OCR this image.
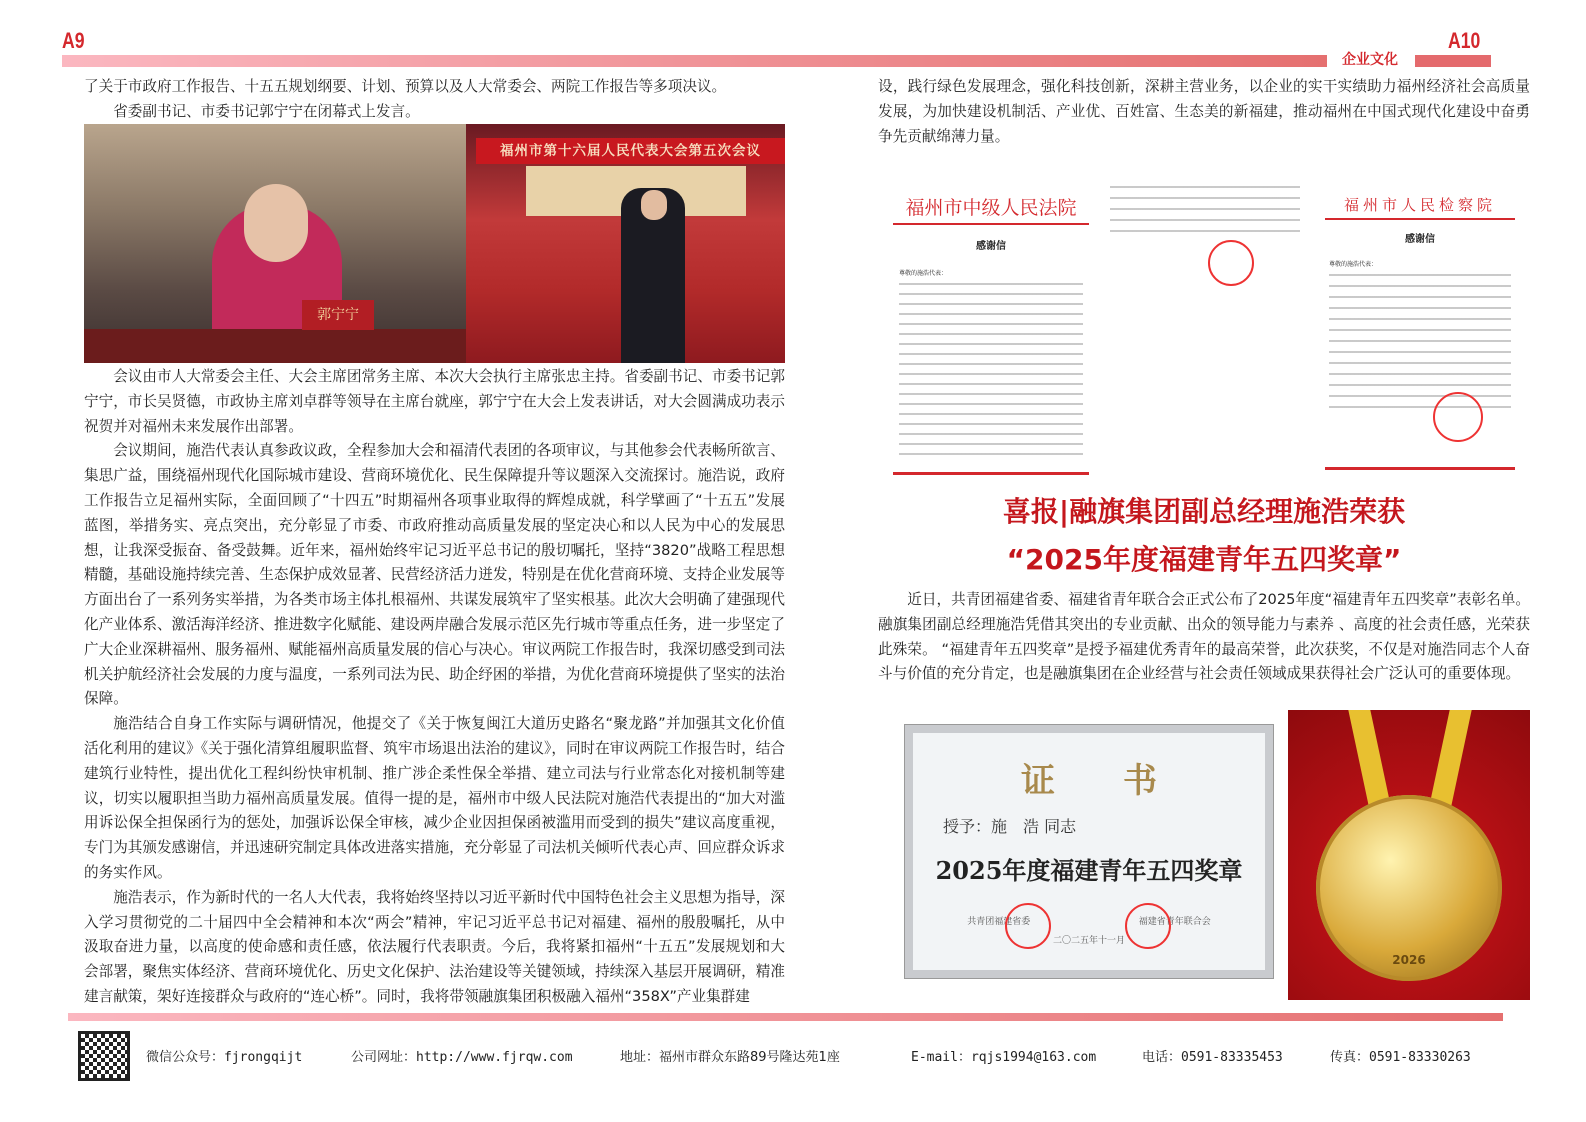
A9	A10
企业文化

了关于市政府工作报告、十五五规划纲要、计划、预算以及人大常委会、两院工作报告等多项决议。

省委副书记、市委书记郭宁宁在闭幕式上发言。

郭宁宁
福州市第十六届人民代表大会第五次会议

会议由市人大常委会主任、大会主席团常务主席、本次大会执行主席张忠主持。省委副书记、市委书记郭宁宁，市长吴贤德，市政协主席刘卓群等领导在主席台就座，郭宁宁在大会上发表讲话，对大会圆满成功表示祝贺并对福州未来发展作出部署。

会议期间，施浩代表认真参政议政，全程参加大会和福清代表团的各项审议，与其他参会代表畅所欲言、集思广益，围绕福州现代化国际城市建设、营商环境优化、民生保障提升等议题深入交流探讨。施浩说，政府工作报告立足福州实际，全面回顾了“十四五”时期福州各项事业取得的辉煌成就，科学擘画了“十五五”发展蓝图，举措务实、亮点突出，充分彰显了市委、市政府推动高质量发展的坚定决心和以人民为中心的发展思想，让我深受振奋、备受鼓舞。近年来，福州始终牢记习近平总书记的殷切嘱托，坚持“3820”战略工程思想精髓，基础设施持续完善、生态保护成效显著、民营经济活力迸发，特别是在优化营商环境、支持企业发展等方面出台了一系列务实举措，为各类市场主体扎根福州、共谋发展筑牢了坚实根基。此次大会明确了建强现代化产业体系、激活海洋经济、推进数字化赋能、建设两岸融合发展示范区先行城市等重点任务，进一步坚定了广大企业深耕福州、服务福州、赋能福州高质量发展的信心与决心。审议两院工作报告时，我深切感受到司法机关护航经济社会发展的力度与温度，一系列司法为民、助企纾困的举措，为优化营商环境提供了坚实的法治保障。

施浩结合自身工作实际与调研情况，他提交了《关于恢复闽江大道历史路名“聚龙路”并加强其文化价值活化利用的建议》《关于强化清算组履职监督、筑牢市场退出法治的建议》，同时在审议两院工作报告时，结合建筑行业特性，提出优化工程纠纷快审机制、推广涉企柔性保全举措、建立司法与行业常态化对接机制等建议，切实以履职担当助力福州高质量发展。值得一提的是，福州市中级人民法院对施浩代表提出的“加大对滥用诉讼保全担保函行为的惩处，加强诉讼保全审核，减少企业因担保函被滥用而受到的损失”建议高度重视，专门为其颁发感谢信，并迅速研究制定具体改进落实措施，充分彰显了司法机关倾听代表心声、回应群众诉求的务实作风。

施浩表示，作为新时代的一名人大代表，我将始终坚持以习近平新时代中国特色社会主义思想为指导，深入学习贯彻党的二十届四中全会精神和本次“两会”精神，牢记习近平总书记对福建、福州的殷殷嘱托，从中汲取奋进力量，以高度的使命感和责任感，依法履行代表职责。今后，我将紧扣福州“十五五”发展规划和大会部署，聚焦实体经济、营商环境优化、历史文化保护、法治建设等关键领域，持续深入基层开展调研，精准建言献策，架好连接群众与政府的“连心桥”。同时，我将带领融旗集团积极融入福州“358X”产业集群建

设，践行绿色发展理念，强化科技创新，深耕主营业务，以企业的实干实绩助力福州经济社会高质量发展，为加快建设机制活、产业优、百姓富、生态美的新福建，推动福州在中国式现代化建设中奋勇争先贡献绵薄力量。

福州市中级人民法院
感谢信
尊敬的施浩代表：
福州市人民检察院
感谢信
尊敬的施浩代表：
喜报|融旗集团副总经理施浩荣获
“2025年度福建青年五四奖章”

近日，共青团福建省委、福建省青年联合会正式公布了2025年度“福建青年五四奖章”表彰名单。融旗集团副总经理施浩凭借其突出的专业贡献、出众的领导能力与素养 、高度的社会责任感，光荣获此殊荣。 “福建青年五四奖章”是授予福建优秀青年的最高荣誉，此次获奖，不仅是对施浩同志个人奋斗与价值的充分肯定，也是融旗集团在企业经营与社会责任领域成果获得社会广泛认可的重要体现。

证　　书
授予：施　浩 同志
2025年度福建青年五四奖章
共青团福建省委	福建省青年联合会
二〇二五年十一月
2026
微信公众号：fjrongqijt	公司网址：http://www.fjrqw.com	地址：福州市群众东路89号隆达苑1座	E-mail：rqjs1994@163.com	电话：0591-83335453	传真：0591-83330263
